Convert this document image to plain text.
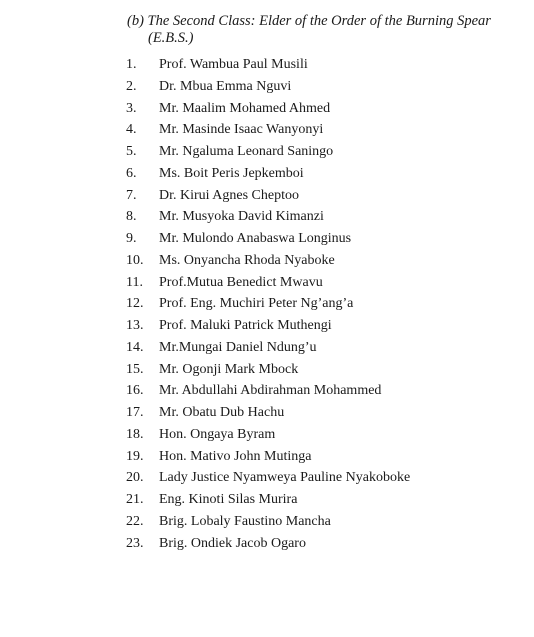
(b) The Second Class: Elder of the Order of the Burning Spear
(E.B.S.)
1.	Prof. Wambua Paul Musili
2.	Dr. Mbua Emma Nguvi
3.	Mr. Maalim Mohamed Ahmed
4.	Mr. Masinde Isaac Wanyonyi
5.	Mr. Ngaluma Leonard Saningo
6.	Ms. Boit Peris Jepkemboi
7.	Dr. Kirui Agnes Cheptoo
8.	Mr. Musyoka David Kimanzi
9.	Mr. Mulondo Anabaswa Longinus
10.	Ms. Onyancha Rhoda Nyaboke
11.	Prof.Mutua Benedict Mwavu
12.	Prof. Eng. Muchiri Peter Ng’ang’a
13.	Prof. Maluki Patrick Muthengi
14.	Mr.Mungai Daniel Ndung’u
15.	Mr. Ogonji Mark Mbock
16.	Mr. Abdullahi Abdirahman Mohammed
17.	Mr. Obatu Dub Hachu
18.	Hon. Ongaya Byram
19.	Hon. Mativo John Mutinga
20.	Lady Justice Nyamweya Pauline Nyakoboke
21.	Eng. Kinoti Silas Murira
22.	Brig. Lobaly Faustino Mancha
23.	Brig. Ondiek Jacob Ogaro
